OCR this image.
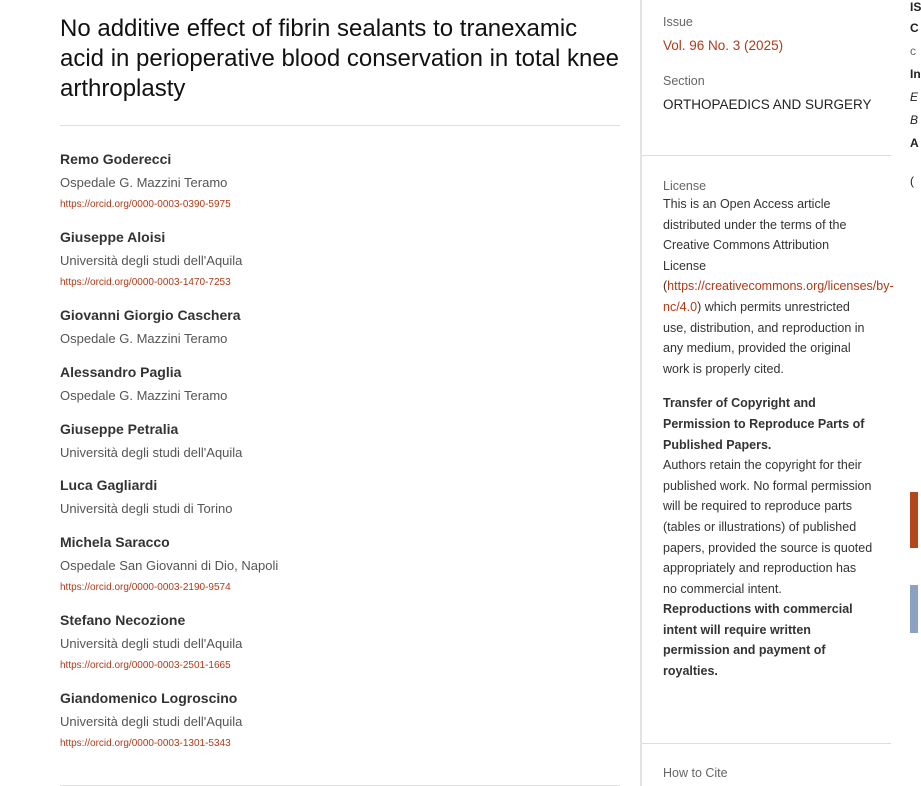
No additive effect of fibrin sealants to tranexamic acid in perioperative blood conservation in total knee arthroplasty
Remo Goderecci
Ospedale G. Mazzini Teramo
https://orcid.org/0000-0003-0390-5975
Giuseppe Aloisi
Università degli studi dell'Aquila
https://orcid.org/0000-0003-1470-7253
Giovanni Giorgio Caschera
Ospedale G. Mazzini Teramo
Alessandro Paglia
Ospedale G. Mazzini Teramo
Giuseppe Petralia
Università degli studi dell'Aquila
Luca Gagliardi
Università degli studi di Torino
Michela Saracco
Ospedale San Giovanni di Dio, Napoli
https://orcid.org/0000-0003-2190-9574
Stefano Necozione
Università degli studi dell'Aquila
https://orcid.org/0000-0003-2501-1665
Giandomenico Logroscino
Università degli studi dell'Aquila
https://orcid.org/0000-0003-1301-5343
Issue
Vol. 96 No. 3 (2025)
Section
ORTHOPAEDICS AND SURGERY
License

This is an Open Access article distributed under the terms of the Creative Commons Attribution License (https://creativecommons.org/licenses/by-nc/4.0) which permits unrestricted use, distribution, and reproduction in any medium, provided the original work is properly cited.

Transfer of Copyright and Permission to Reproduce Parts of Published Papers.

Authors retain the copyright for their published work. No formal permission will be required to reproduce parts (tables or illustrations) of published papers, provided the source is quoted appropriately and reproduction has no commercial intent.

Reproductions with commercial intent will require written permission and payment of royalties.

How to Cite
IS
C
c
In
E
B
A
(
